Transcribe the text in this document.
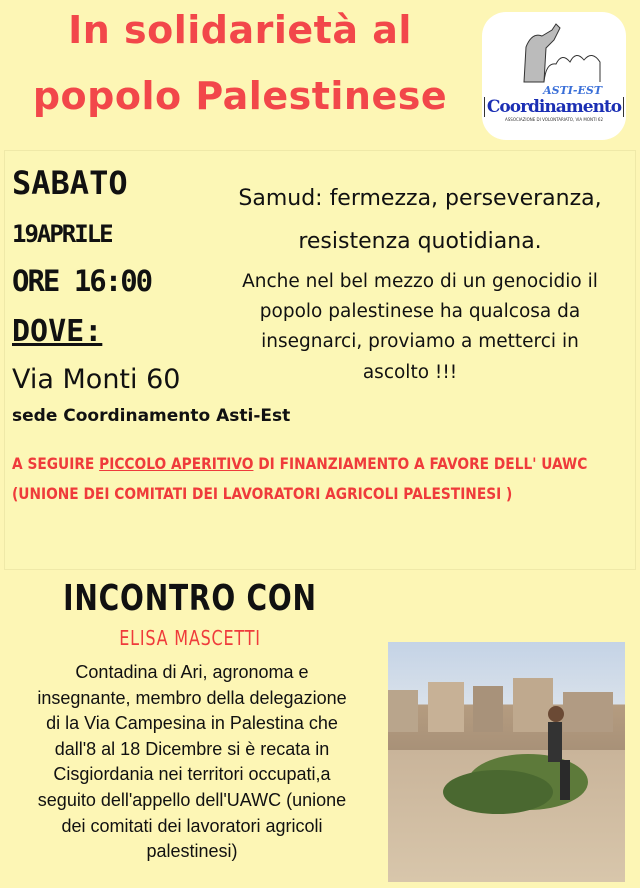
In solidarietà al
popolo Palestinese	ASTI-EST
Coordinamento
ASSOCIAZIONE DI VOLONTARIATO, VIA MONTI 62
SABATO
19APRILE
ORE 16:00
DOVE:
Via Monti 60
sede Coordinamento Asti-Est
Samud: fermezza, perseveranza,
resistenza quotidiana.
Anche nel bel mezzo di un genocidio il
popolo palestinese ha qualcosa da
insegnarci, proviamo a metterci in
ascolto !!!
A SEGUIRE PICCOLO APERITIVO DI FINANZIAMENTO A FAVORE DELL' UAWC
(UNIONE DEI COMITATI DEI LAVORATORI AGRICOLI PALESTINESI )
INCONTRO CON
ELISA MASCETTI
Contadina di Ari, agronoma e
insegnante, membro della delegazione
di la Via Campesina in Palestina che
dall'8 al 18 Dicembre si è recata in
Cisgiordania nei territori occupati,a
seguito dell'appello dell'UAWC (unione
dei comitati dei lavoratori agricoli
palestinesi)
